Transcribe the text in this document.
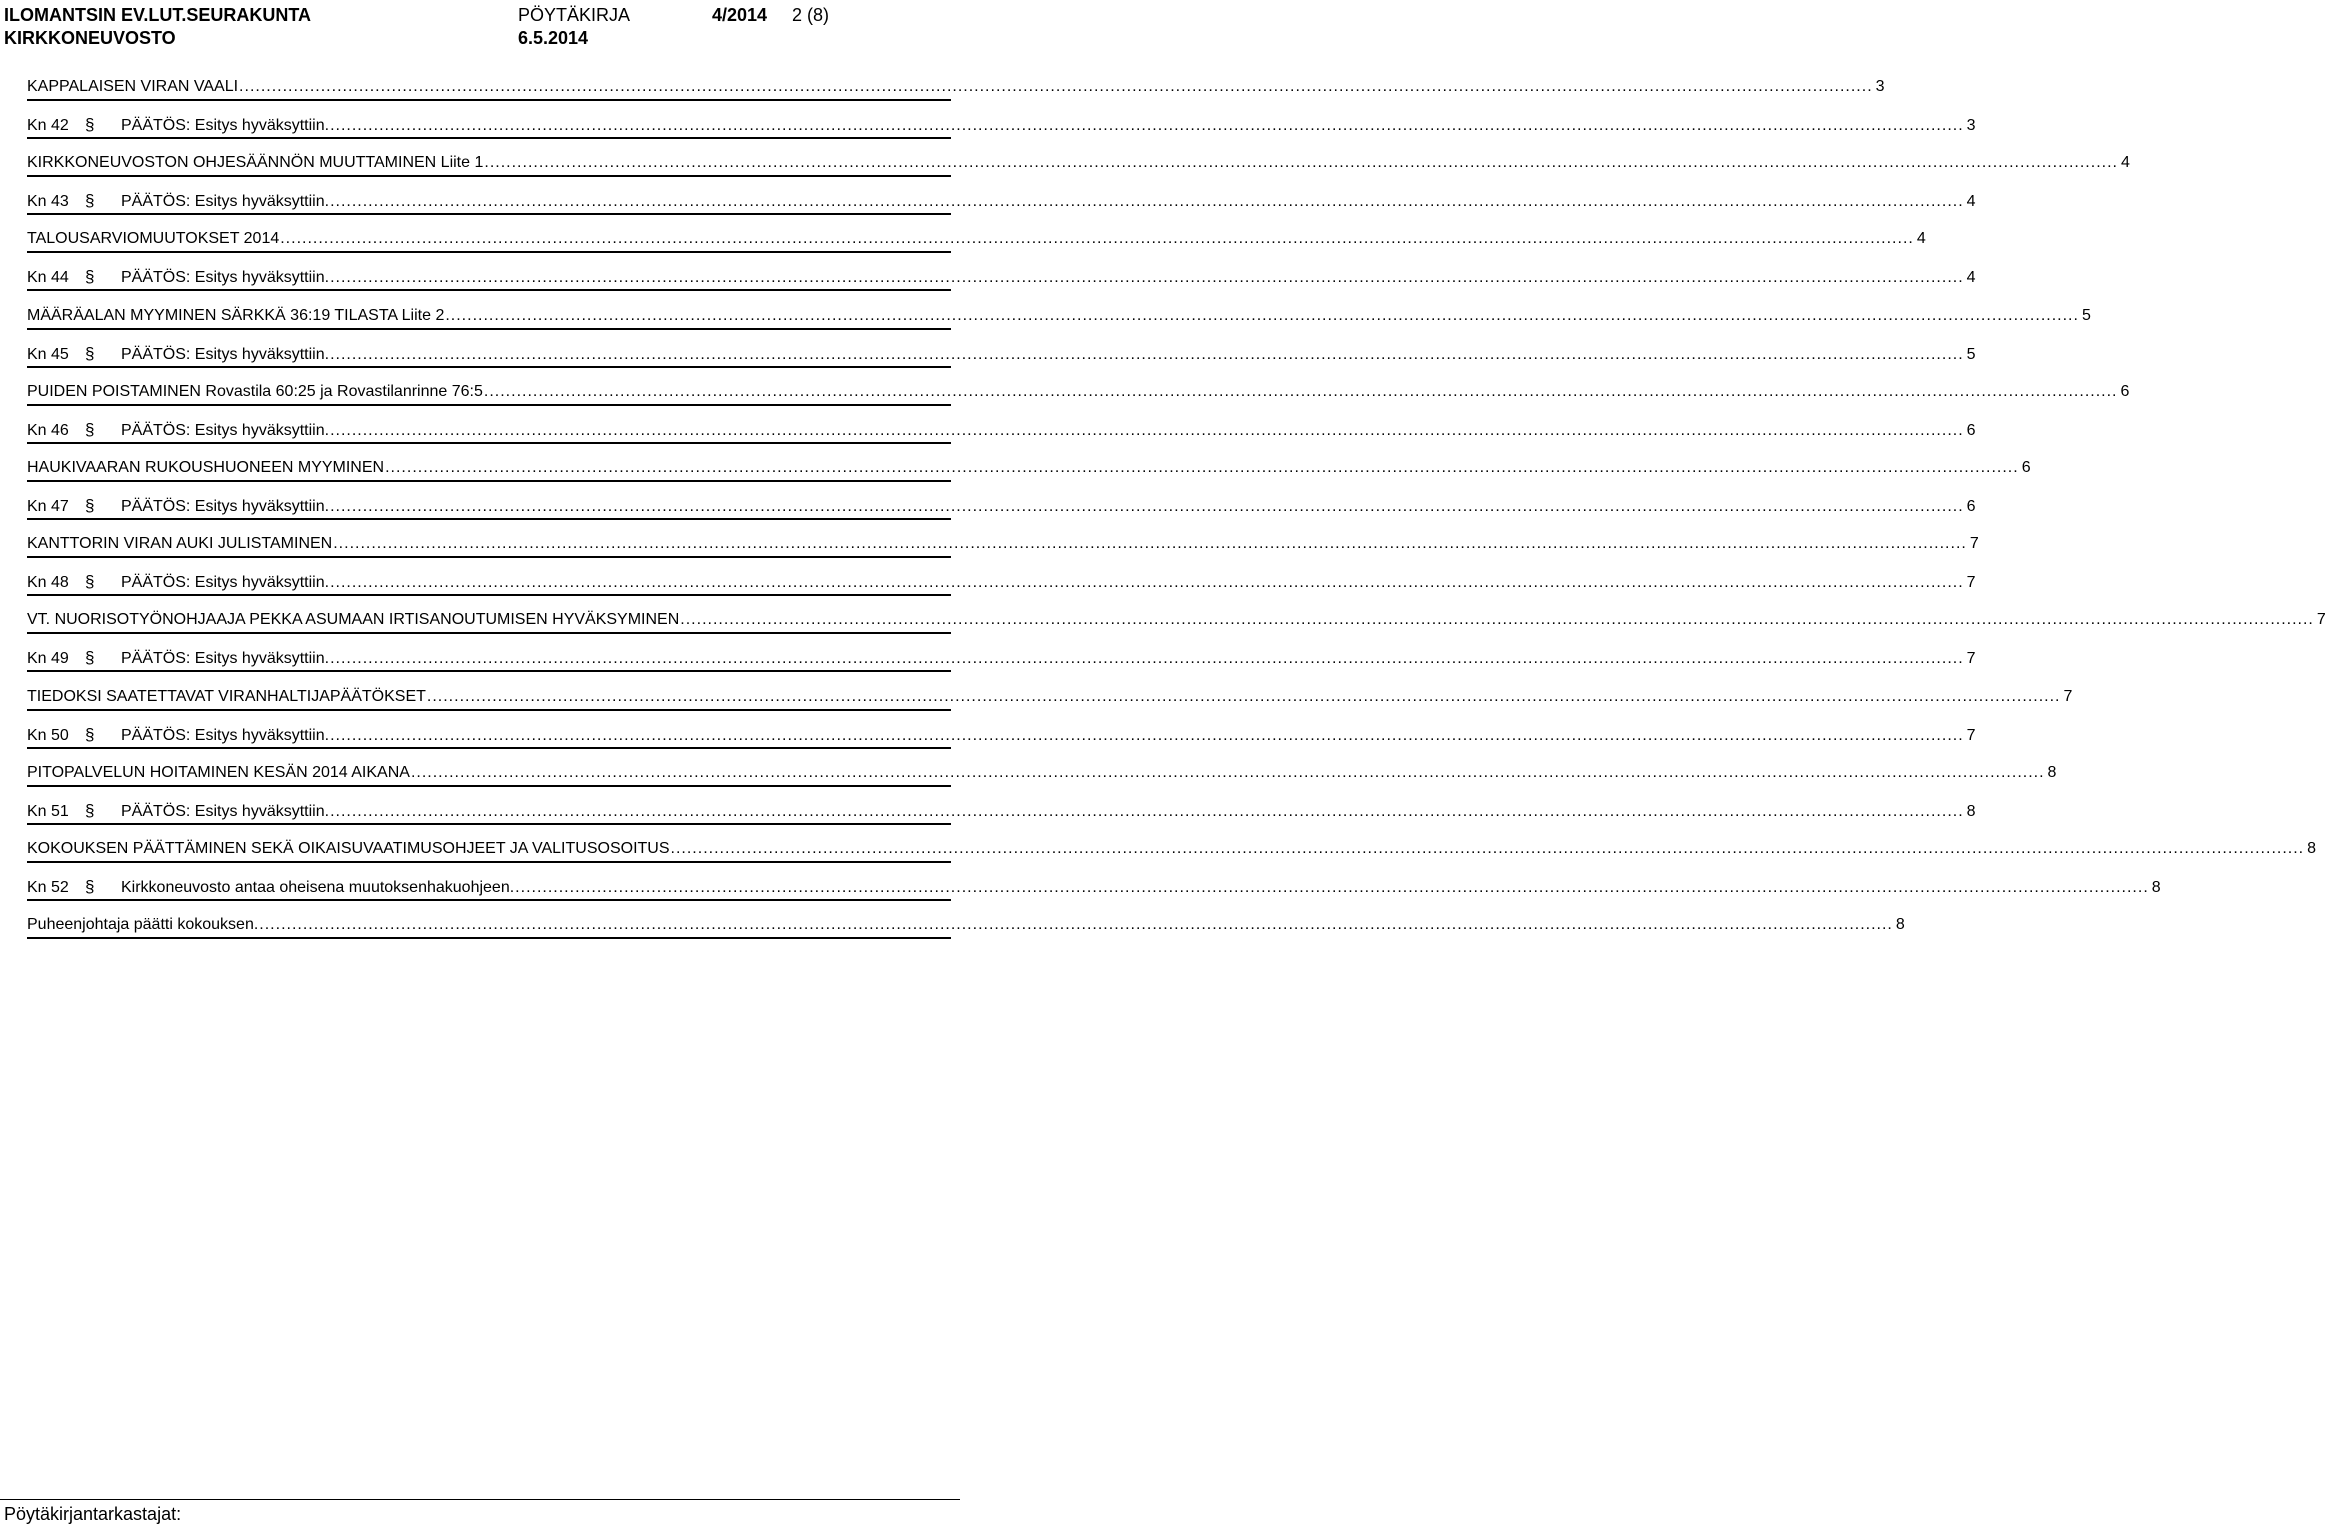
ILOMANTSIN EV.LUT.SEURAKUNTA
KIRKKONEUVOSTO
PÖYTÄKIRJA
6.5.2014
4/2014 2 (8)
KAPPALAISEN VIRAN VAALI ............................................................................................................................................................................................................................................................................................................ 3
Kn 42 §	PÄÄTÖS: Esitys hyväksyttiin. ............................................................................................................................................................................................................................................................................................................ 3
KIRKKONEUVOSTON OHJESÄÄNNÖN MUUTTAMINEN Liite 1 ............................................................................................................................................................................................................................................................................................................ 4
Kn 43 §	PÄÄTÖS: Esitys hyväksyttiin. ............................................................................................................................................................................................................................................................................................................ 4
TALOUSARVIOMUUTOKSET 2014 ............................................................................................................................................................................................................................................................................................................ 4
Kn 44 §	PÄÄTÖS: Esitys hyväksyttiin. ............................................................................................................................................................................................................................................................................................................ 4
MÄÄRÄALAN MYYMINEN SÄRKKÄ 36:19 TILASTA Liite 2 ............................................................................................................................................................................................................................................................................................................ 5
Kn 45 §	PÄÄTÖS: Esitys hyväksyttiin. ............................................................................................................................................................................................................................................................................................................ 5
PUIDEN POISTAMINEN Rovastila 60:25 ja Rovastilanrinne 76:5 ............................................................................................................................................................................................................................................................................................................ 6
Kn 46 §	PÄÄTÖS: Esitys hyväksyttiin. ............................................................................................................................................................................................................................................................................................................ 6
HAUKIVAARAN RUKOUSHUONEEN MYYMINEN ............................................................................................................................................................................................................................................................................................................ 6
Kn 47 §	PÄÄTÖS: Esitys hyväksyttiin. ............................................................................................................................................................................................................................................................................................................ 6
KANTTORIN VIRAN AUKI JULISTAMINEN ............................................................................................................................................................................................................................................................................................................ 7
Kn 48 §	PÄÄTÖS: Esitys hyväksyttiin. ............................................................................................................................................................................................................................................................................................................ 7
VT. NUORISOTYÖNOHJAAJA PEKKA ASUMAAN IRTISANOUTUMISEN HYVÄKSYMINEN ............................................................................................................................................................................................................................................................................................................ 7
Kn 49 §	PÄÄTÖS: Esitys hyväksyttiin. ............................................................................................................................................................................................................................................................................................................ 7
TIEDOKSI SAATETTAVAT VIRANHALTIJAPÄÄTÖKSET ............................................................................................................................................................................................................................................................................................................ 7
Kn 50 §	PÄÄTÖS: Esitys hyväksyttiin. ............................................................................................................................................................................................................................................................................................................ 7
PITOPALVELUN HOITAMINEN KESÄN 2014 AIKANA ............................................................................................................................................................................................................................................................................................................ 8
Kn 51 §	PÄÄTÖS: Esitys hyväksyttiin. ............................................................................................................................................................................................................................................................................................................ 8
KOKOUKSEN PÄÄTTÄMINEN SEKÄ OIKAISUVAATIMUSOHJEET JA VALITUSOSOITUS ............................................................................................................................................................................................................................................................................................................ 8
Kn 52 §	Kirkkoneuvosto antaa oheisena muutoksenhakuohjeen. ............................................................................................................................................................................................................................................................................................................ 8
Puheenjohtaja päätti kokouksen. ............................................................................................................................................................................................................................................................................................................ 8
Pöytäkirjantarkastajat:
